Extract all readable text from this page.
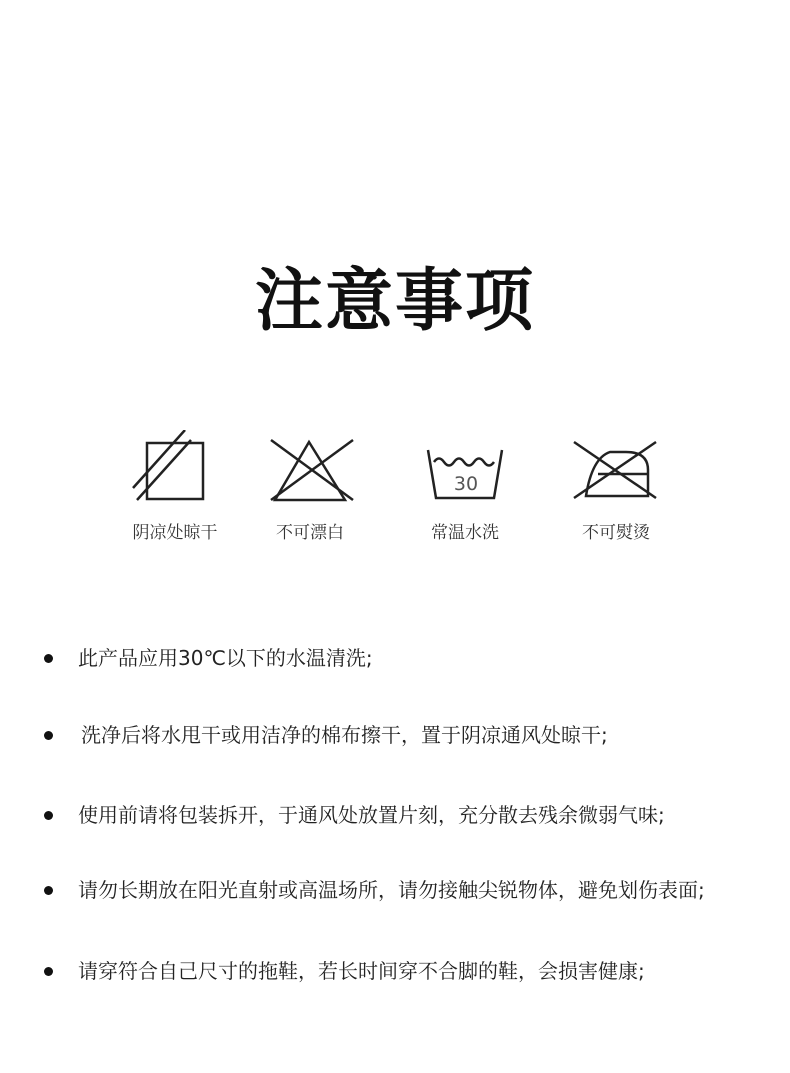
注意事项
30
阴凉处晾干	不可漂白	常温水洗	不可熨烫
此产品应用30℃以下的水温清洗;
洗净后将水甩干或用洁净的棉布擦干，置于阴凉通风处晾干;
使用前请将包装拆开，于通风处放置片刻，充分散去残余微弱气味;
请勿长期放在阳光直射或高温场所，请勿接触尖锐物体，避免划伤表面;
请穿符合自己尺寸的拖鞋，若长时间穿不合脚的鞋，会损害健康;
